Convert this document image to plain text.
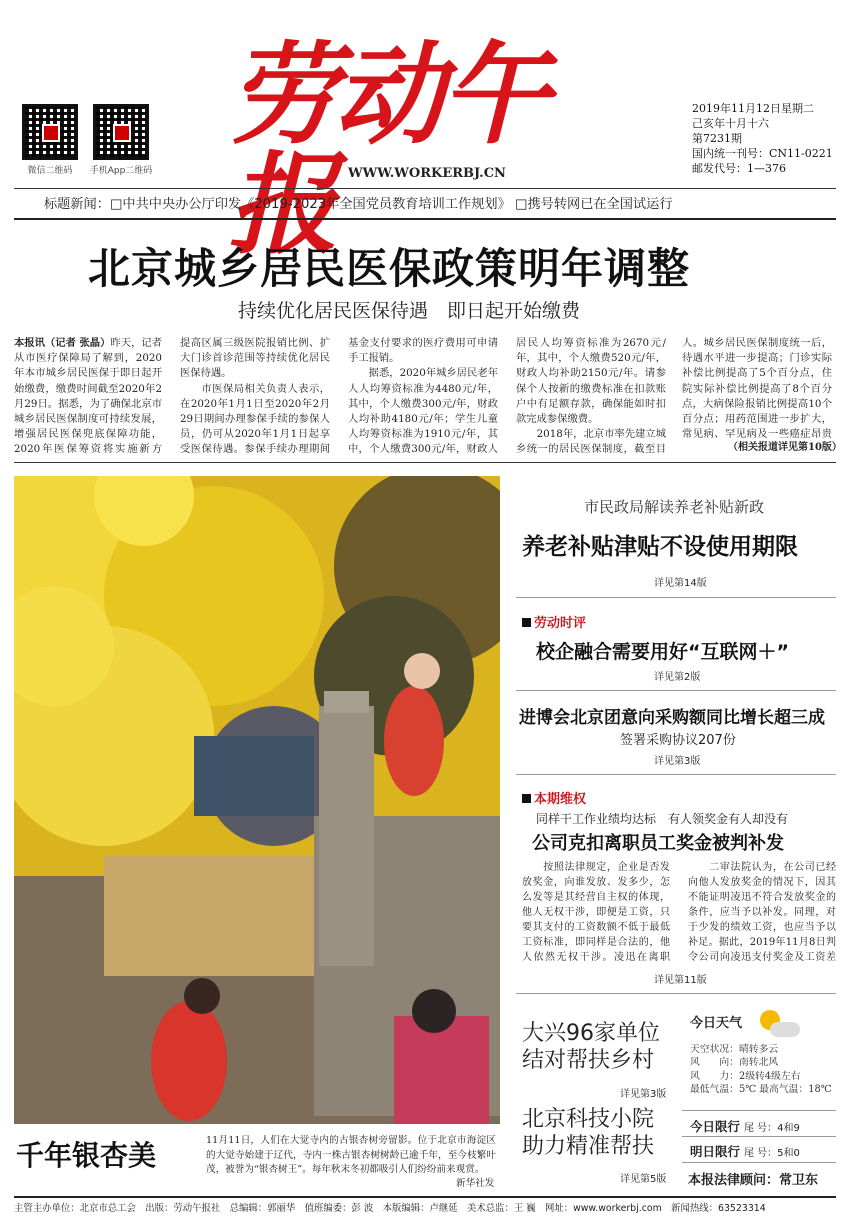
微信二维码	手机App二维码
劳动午报	WWW.WORKERBJ.CN
2019年11月12日星期二
己亥年十月十六
第7231期
国内统一刊号：CN11-0221
邮发代号：1—376
标题新闻：□中共中央办公厅印发《2019-2023年全国党员教育培训工作规划》 □携号转网已在全国试运行
北京城乡居民医保政策明年调整
持续优化居民医保待遇　即日起开始缴费
本报讯（记者 张晶）昨天，记者从市医疗保障局了解到，2020年本市城乡居民医保于即日起开始缴费，缴费时间截至2020年2月29日。据悉，为了确保北京市城乡居民医保制度可持续发展，增强居民医保兜底保障功能，2020年医保筹资将实施新方
提高区属三级医院报销比例、扩大门诊首诊范围等持续优化居民医保待遇。
　　市医保局相关负责人表示，在2020年1月1日至2020年2月29日期间办理参保手续的参保人员，仍可从2020年1月1日起享受医保待遇。参保手续办理期间
基金支付要求的医疗费用可申请手工报销。
　　据悉，2020年城乡居民老年人人均筹资标准为4480元/年，其中，个人缴费300元/年，财政人均补助4180元/年；学生儿童人均筹资标准为1910元/年，其中，个人缴费300元/年，财政人
居民人均筹资标准为2670元/年，其中，个人缴费520元/年，财政人均补助2150元/年。请参保个人按新的缴费标准在扣款账户中有足额存款，确保能如时扣款完成参保缴费。
　　2018年，北京市率先建立城乡统一的居民医保制度，截至目
人。城乡居民医保制度统一后，待遇水平进一步提高；门诊实际补偿比例提高了5个百分点，住院实际补偿比例提高了8个百分点，大病保险报销比例提高10个百分点；用药范围进一步扩大，常见病、罕见病及一些癌症昂贵
（相关报道详见第10版）
千年银杏美	11月11日，人们在大觉寺内的古银杏树旁留影。位于北京市海淀区的大觉寺始建于辽代，寺内一株古银杏树树龄已逾千年，至今枝繁叶茂，被誉为“银杏树王”。每年秋末冬初都吸引人们纷纷前来观赏。
新华社发
市民政局解读养老补贴新政
养老补贴津贴不设使用期限
详见第14版
劳动时评
校企融合需要用好“互联网＋”
详见第2版
进博会北京团意向采购额同比增长超三成
签署采购协议207份
详见第3版
本期维权
同样干工作业绩均达标　有人领奖金有人却没有
公司克扣离职员工奖金被判补发
　　按照法律规定，企业是否发放奖金，向谁发放、发多少，怎么发等是其经营自主权的体现，他人无权干涉，即便是工资，只要其支付的工资数额不低于最低工资标准，即同样是合法的，他人依然无权干涉。凌迅在离职
　　二审法院认为，在公司已经向他人发放奖金的情况下，因其不能证明凌迅不符合发放奖金的条件，应当予以补发。同理，对于少发的绩效工资，也应当予以补足。据此，2019年11月8日判令公司向凌迅支付奖金及工资差
详见第11版
大兴96家单位
结对帮扶乡村
详见第3版
北京科技小院
助力精准帮扶
详见第5版
今日天气
天空状况：晴转多云
风　　向：南转北风
风　　力：2级转4级左右
最低气温：5℃ 最高气温：18℃
今日限行 尾 号：4和9
明日限行 尾 号：5和0
本报法律顾问：常卫东
主管主办单位：北京市总工会　出版：劳动午报社　总编辑：郭丽华　值班编委：彭 波　本版编辑：卢继延　美术总监：王 巍　网址：www.workerbj.com　新闻热线：63523314
